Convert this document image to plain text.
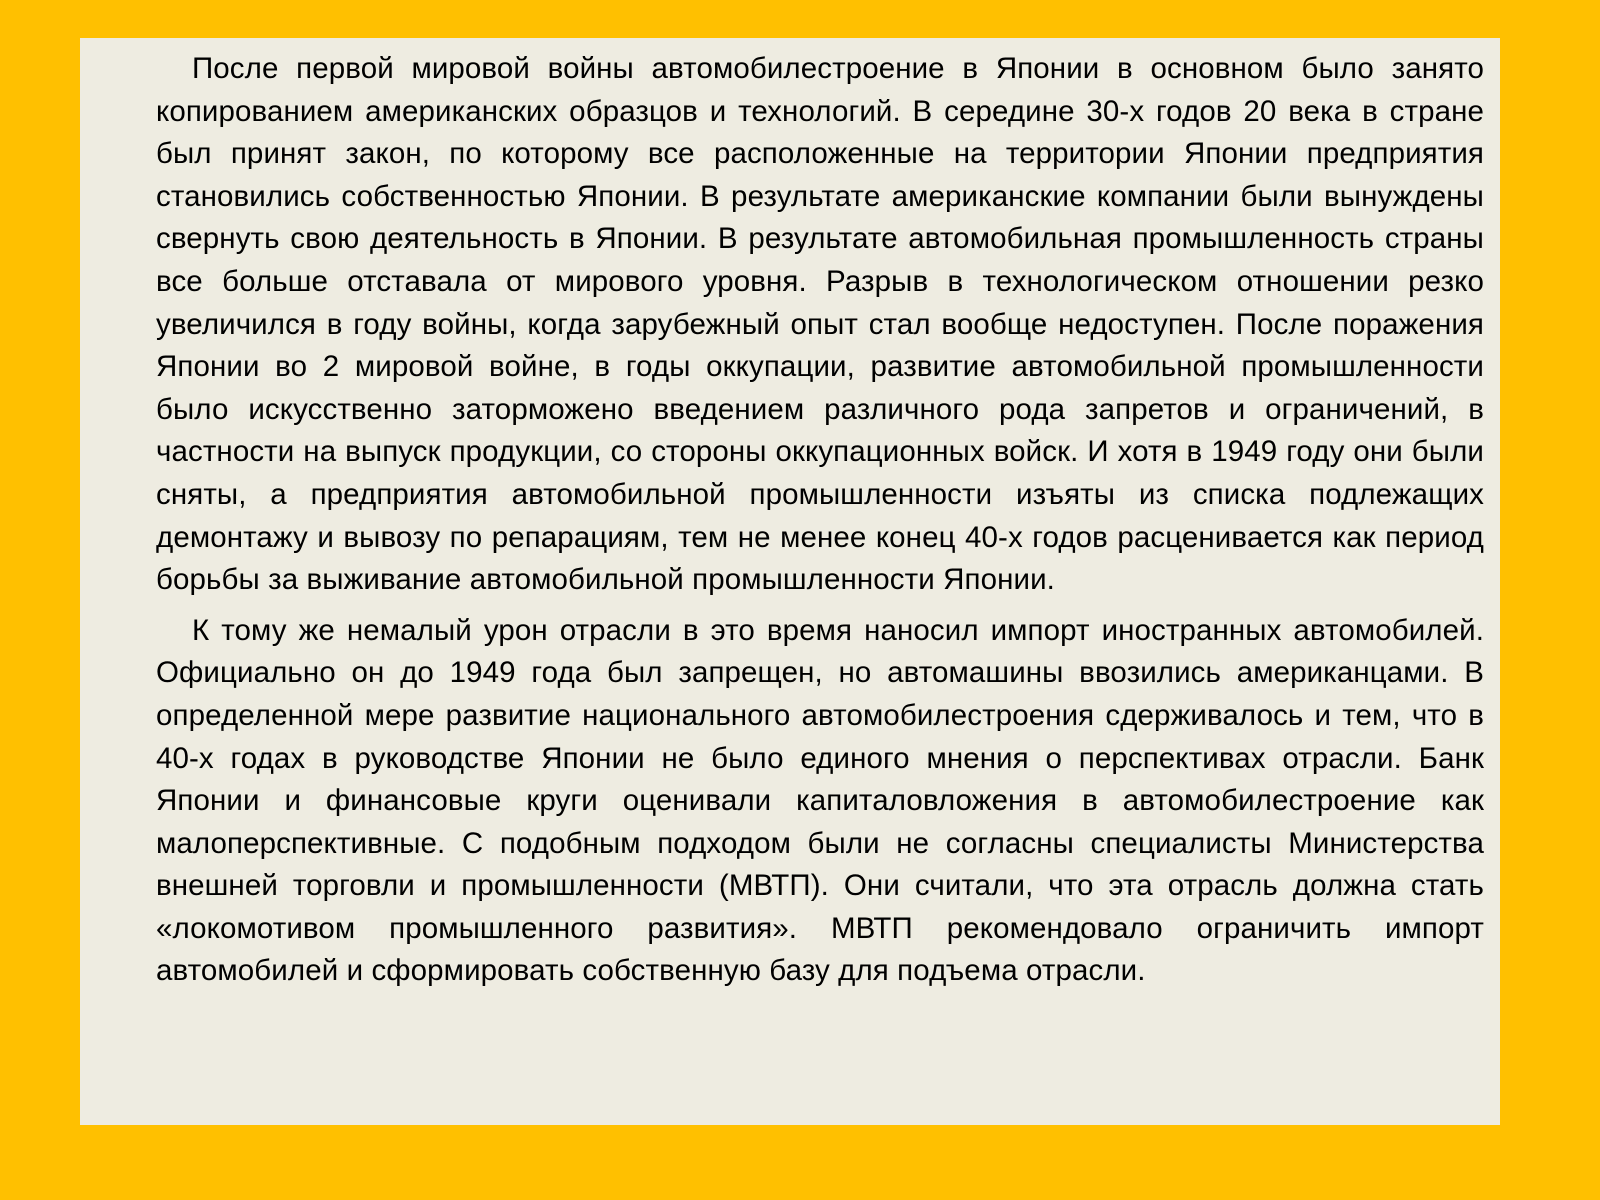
После первой мировой войны автомобилестроение в Японии в основном было занято копированием американских образцов и технологий. В середине 30-х годов 20 века в стране был принят закон, по которому все расположенные на территории Японии предприятия становились собственностью Японии. В результате американские компании были вынуждены свернуть свою деятельность в Японии. В результате автомобильная промышленность страны все больше отставала от мирового уровня. Разрыв в технологическом отношении резко увеличился в году войны, когда зарубежный опыт стал вообще недоступен. После поражения Японии во 2 мировой войне, в годы оккупации, развитие автомобильной промышленности было искусственно заторможено введением различного рода запретов и ограничений, в частности на выпуск продукции, со стороны оккупационных войск. И хотя в 1949 году они были сняты, а предприятия автомобильной промышленности изъяты из списка подлежащих демонтажу и вывозу по репарациям, тем не менее конец 40-х годов расценивается как период борьбы за выживание автомобильной промышленности Японии.

К тому же немалый урон отрасли в это время наносил импорт иностранных автомобилей. Официально он до 1949 года был запрещен, но автомашины ввозились американцами. В определенной мере развитие национального автомобилестроения сдерживалось и тем, что в 40-х годах в руководстве Японии не было единого мнения о перспективах отрасли. Банк Японии и финансовые круги оценивали капиталовложения в автомобилестроение как малоперспективные. С подобным подходом были не согласны специалисты Министерства внешней торговли и промышленности (МВТП). Они считали, что эта отрасль должна стать «локомотивом промышленного развития». МВТП рекомендовало ограничить импорт автомобилей и сформировать собственную базу для подъема отрасли.
